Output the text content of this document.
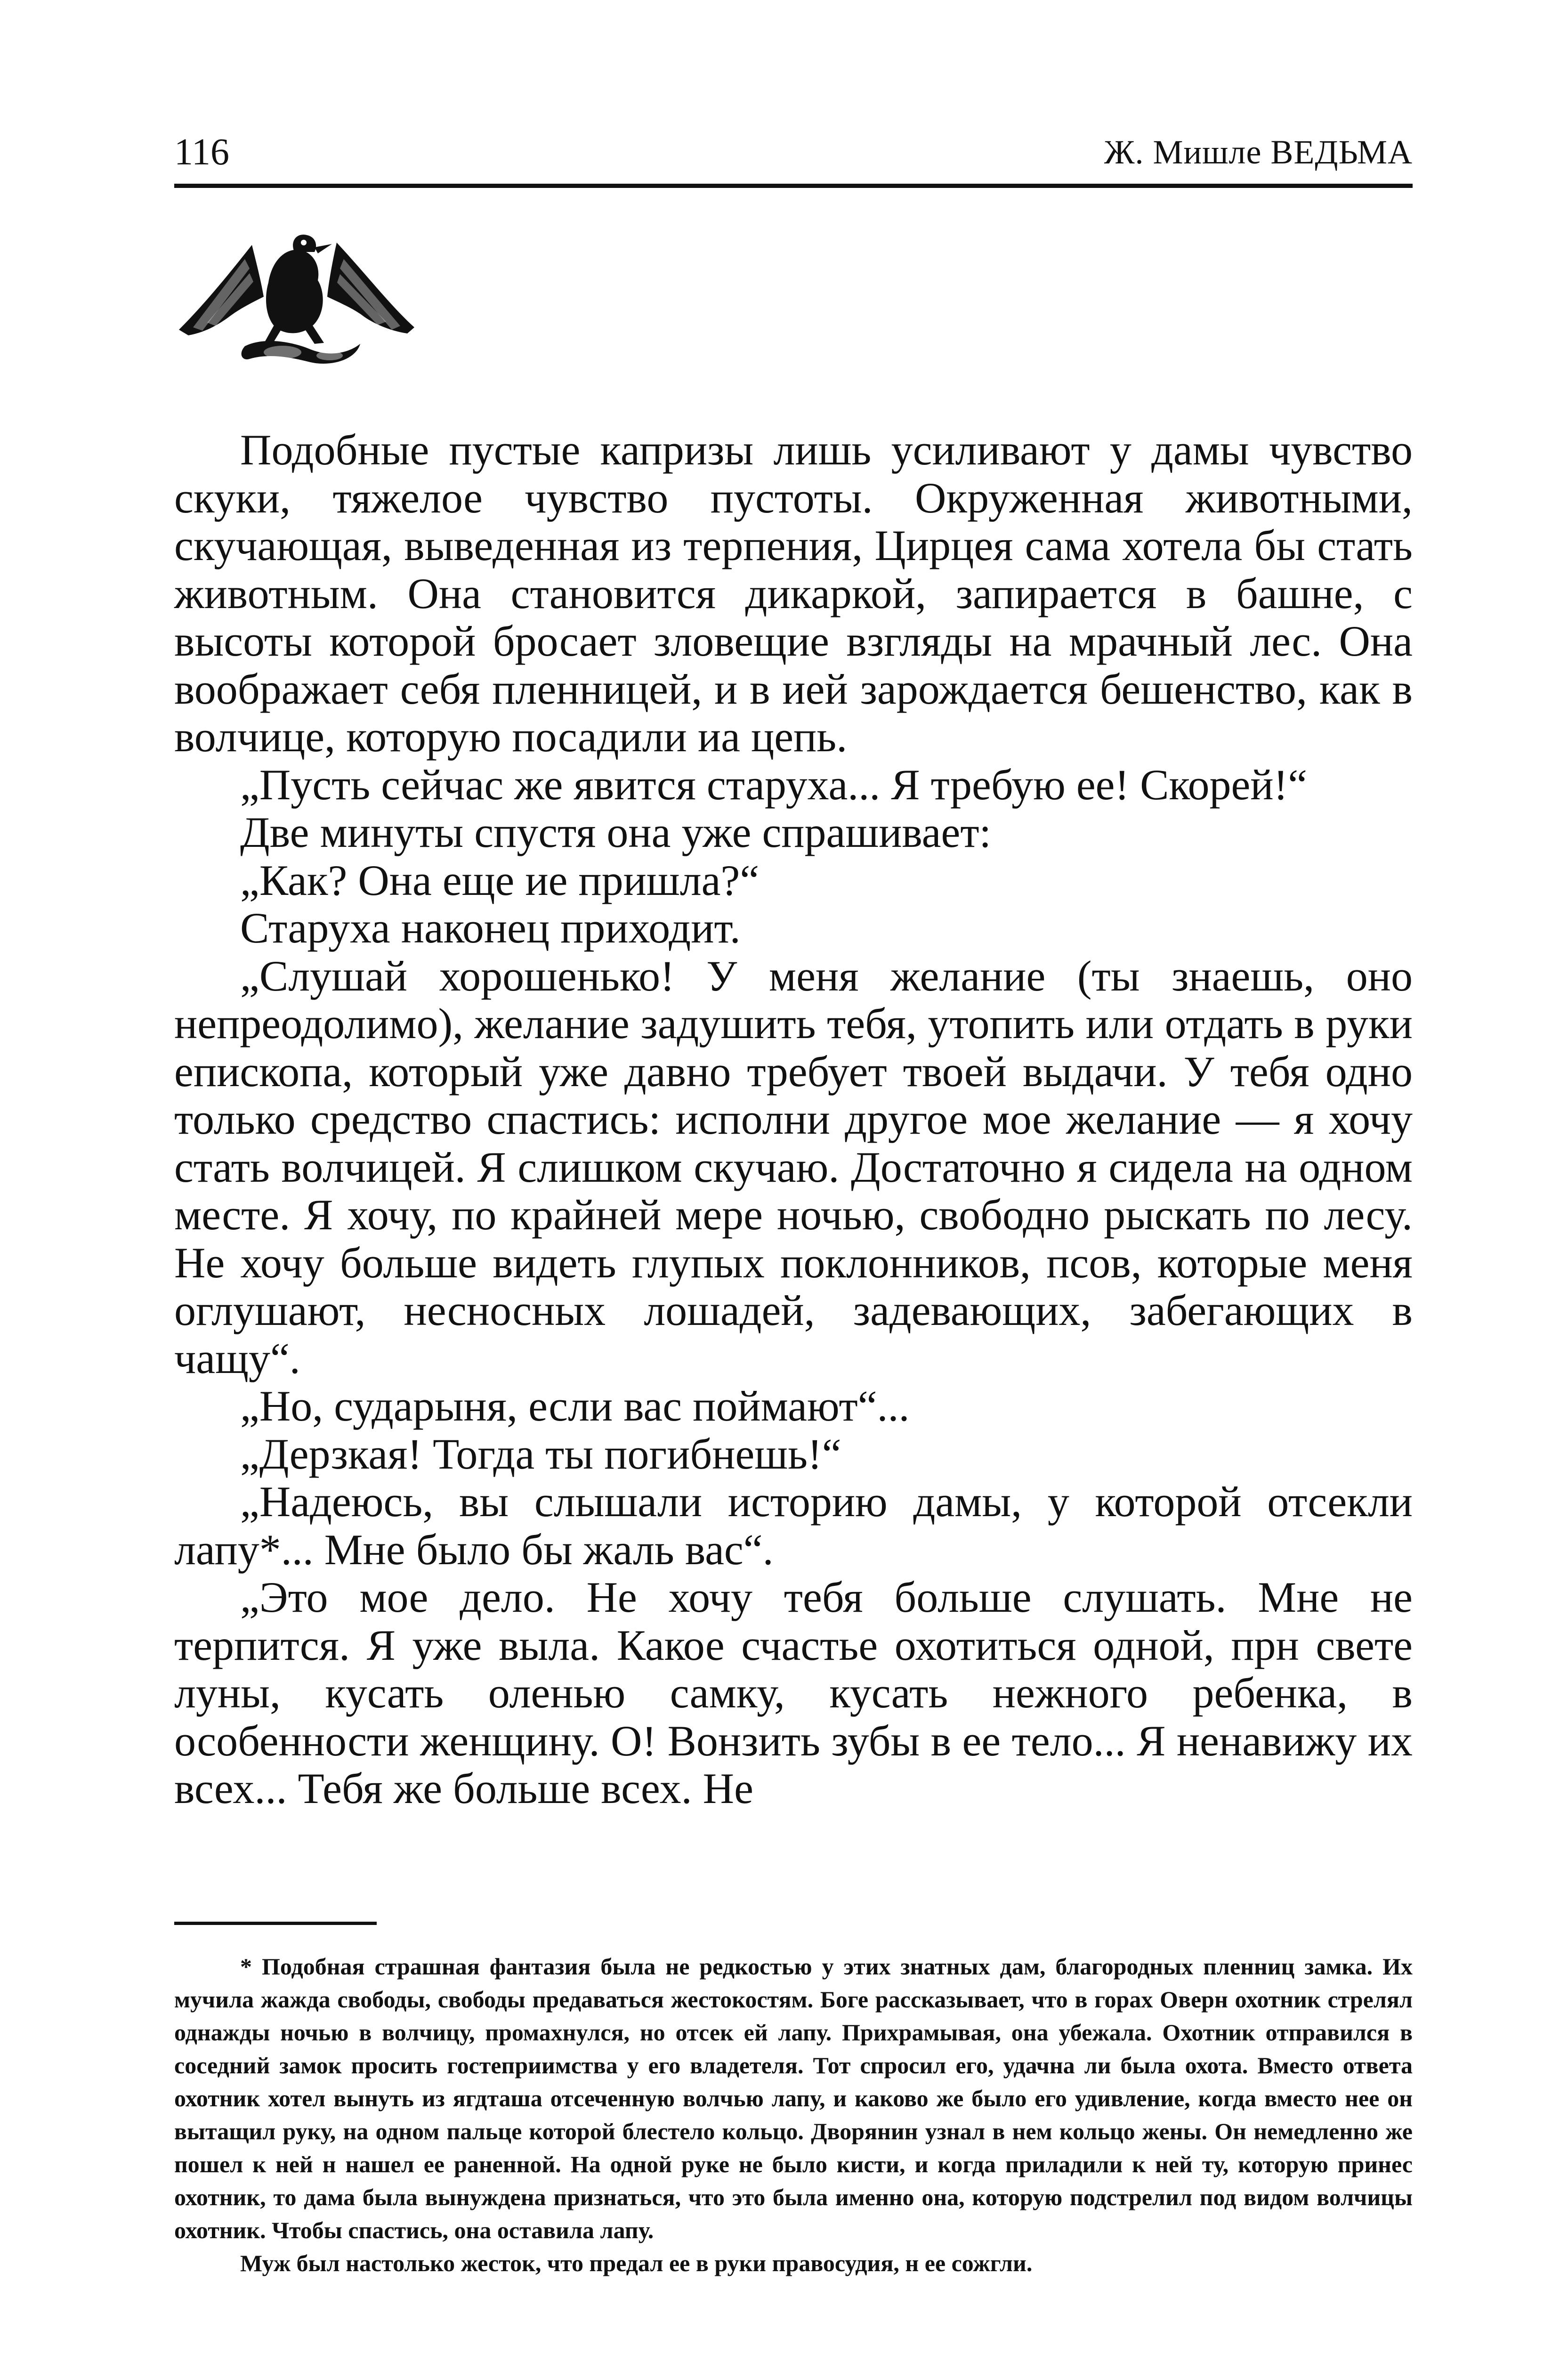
116	Ж. Мишле ВЕДЬМА

Подобные пустые капризы лишь усиливают у дамы чувство скуки, тяжелое чувство пустоты. Окруженная животными, скучающая, выведенная из терпения, Цирцея сама хотела бы стать животным. Она становится дикаркой, запирается в башне, с высоты которой бросает зловещие взгляды на мрачный лес. Она воображает себя пленницей, и в ией зарождается бешенство, как в волчице, которую посадили иа цепь.

„Пусть сейчас же явится старуха... Я требую ее! Скорей!“

Две минуты спустя она уже спрашивает:

„Как? Она еще ие пришла?“

Старуха наконец приходит.

„Слушай хорошенько! У меня желание (ты знаешь, оно непреодолимо), желание задушить тебя, утопить или отдать в руки епископа, который уже давно требует твоей выдачи. У тебя одно только средство спастись: исполни другое мое желание — я хочу стать волчицей. Я слишком скучаю. Достаточно я сидела на одном месте. Я хочу, по крайней мере ночью, свободно рыскать по лесу. Не хочу больше видеть глупых поклонников, псов, которые меня оглушают, несносных лошадей, задевающих, забегающих в чащу“.

„Но, сударыня, если вас поймают“...

„Дерзкая! Тогда ты погибнешь!“

„Надеюсь, вы слышали историю дамы, у которой отсекли лапу*... Мне было бы жаль вас“.

„Это мое дело. Не хочу тебя больше слушать. Мне не терпится. Я уже выла. Какое счастье охотиться одной, прн свете луны, кусать оленью самку, кусать нежного ребенка, в особенности женщину. О! Вонзить зубы в ее тело... Я ненавижу их всех... Тебя же больше всех. Не

* Подобная страшная фантазия была не редкостью у этих знатных дам, благородных пленниц замка. Их мучила жажда свободы, свободы предаваться жестокостям. Боге рассказывает, что в горах Оверн охотник стрелял однажды ночью в волчицу, промахнулся, но отсек ей лапу. Прихрамывая, она убежала. Охотник отправился в соседний замок просить гостеприимства у его владетеля. Тот спросил его, удачна ли была охота. Вместо ответа охотник хотел вынуть из ягдташа отсеченную волчью лапу, и каково же было его удивление, когда вместо нее он вытащил руку, на одном пальце которой блестело кольцо. Дворянин узнал в нем кольцо жены. Он немедленно же пошел к ней н нашел ее раненной. На одной руке не было кисти, и когда приладили к ней ту, которую принес охотник, то дама была вынуждена признаться, что это была именно она, которую подстрелил под видом волчицы охотник. Чтобы спастись, она оставила лапу.

Муж был настолько жесток, что предал ее в руки правосудия, н ее сожгли.
